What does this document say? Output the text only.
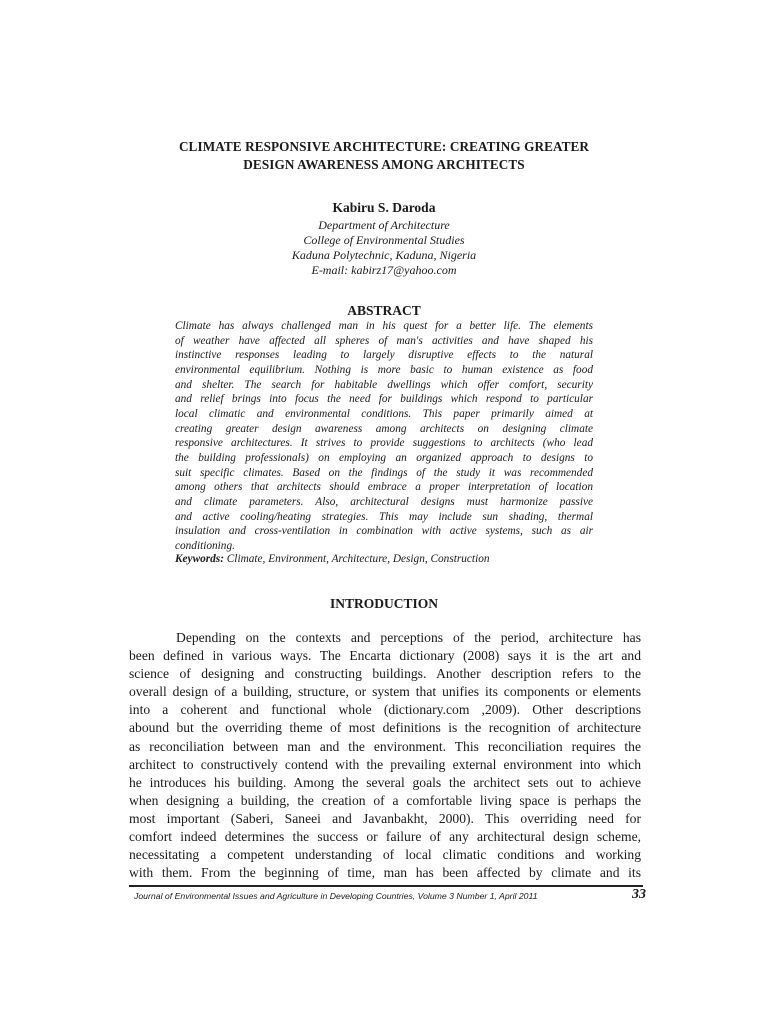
CLIMATE RESPONSIVE ARCHITECTURE: CREATING GREATER
DESIGN AWARENESS AMONG ARCHITECTS
Kabiru S. Daroda
Department of Architecture
College of Environmental Studies
Kaduna Polytechnic, Kaduna, Nigeria
E-mail: kabirz17@yahoo.com
ABSTRACT
Climate has always challenged man in his quest for a better life. The elements
of weather have affected all spheres of man's activities and have shaped his
instinctive responses leading to largely disruptive effects to the natural
environmental equilibrium. Nothing is more basic to human existence as food
and shelter. The search for habitable dwellings which offer comfort, security
and relief brings into focus the need for buildings which respond to particular
local climatic and environmental conditions. This paper primarily aimed at
creating greater design awareness among architects on designing climate
responsive architectures. It strives to provide suggestions to architects (who lead
the building professionals) on employing an organized approach to designs to
suit specific climates. Based on the findings of the study it was recommended
among others that architects should embrace a proper interpretation of location
and climate parameters. Also, architectural designs must harmonize passive
and active cooling/heating strategies. This may include sun shading, thermal
insulation and cross-ventilation in combination with active systems, such as air
conditioning.
Keywords: Climate, Environment, Architecture, Design, Construction
INTRODUCTION
Depending on the contexts and perceptions of the period, architecture has
been defined in various ways. The Encarta dictionary (2008) says it is the art and
science of designing and constructing buildings. Another description refers to the
overall design of a building, structure, or system that unifies its components or elements
into a coherent and functional whole (dictionary.com ,2009). Other descriptions
abound but the overriding theme of most definitions is the recognition of architecture
as reconciliation between man and the environment. This reconciliation requires the
architect to constructively contend with the prevailing external environment into which
he introduces his building. Among the several goals the architect sets out to achieve
when designing a building, the creation of a comfortable living space is perhaps the
most important (Saberi, Saneei and Javanbakht, 2000). This overriding need for
comfort indeed determines the success or failure of any architectural design scheme,
necessitating a competent understanding of local climatic conditions and working
with them. From the beginning of time, man has been affected by climate and its
Journal of Environmental Issues and Agriculture in Developing Countries, Volume 3 Number 1, April 2011	33
